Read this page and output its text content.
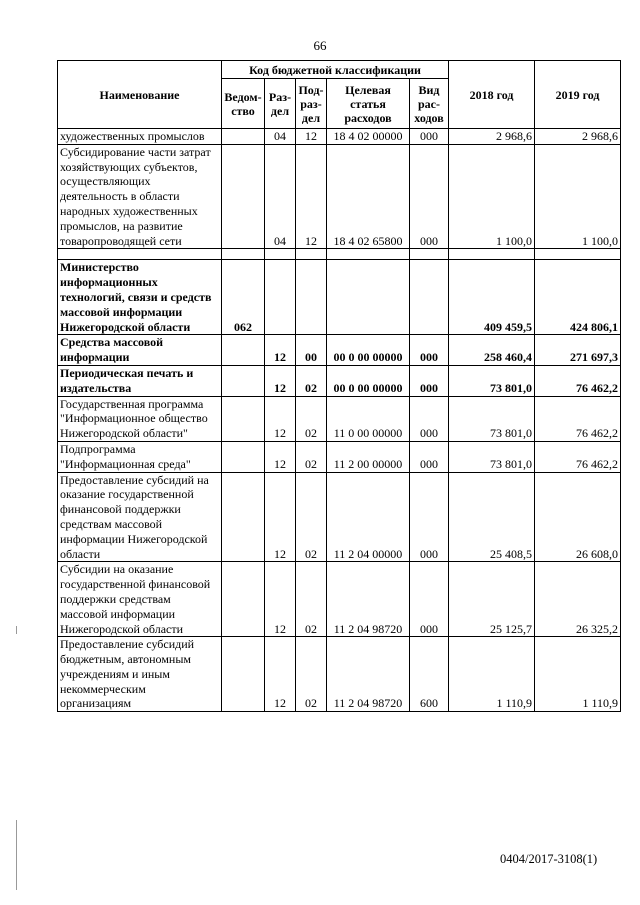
66
Наименование	Код бюджетной классификации					2018 год	2019 год
	Ведом-ство	Раз-дел	Под-раз-дел	Целевая статья расходов	Вид рас-ходов		
художественных промыслов		04	12	18 4 02 00000	000	2 968,6	2 968,6
Субсидирование части затрат хозяйствующих субъектов, осуществляющих деятельность в области народных художественных промыслов, на развитие товаропроводящей сети		04	12	18 4 02 65800	000	1 100,0	1 100,0

Министерство информационных технологий, связи и средств массовой информации Нижегородской области	062					409 459,5	424 806,1
Средства массовой информации		12	00	00 0 00 00000	000	258 460,4	271 697,3
Периодическая печать и издательства		12	02	00 0 00 00000	000	73 801,0	76 462,2
Государственная программа "Информационное общество Нижегородской области"		12	02	11 0 00 00000	000	73 801,0	76 462,2
Подпрограмма "Информационная среда"		12	02	11 2 00 00000	000	73 801,0	76 462,2
Предоставление субсидий на оказание государственной финансовой поддержки средствам массовой информации Нижегородской области		12	02	11 2 04 00000	000	25 408,5	26 608,0
Субсидии на оказание государственной финансовой поддержки средствам массовой информации Нижегородской области		12	02	11 2 04 98720	000	25 125,7	26 325,2
Предоставление субсидий бюджетным, автономным учреждениям и иным некоммерческим организациям		12	02	11 2 04 98720	600	1 110,9	1 110,9
0404/2017-3108(1)
